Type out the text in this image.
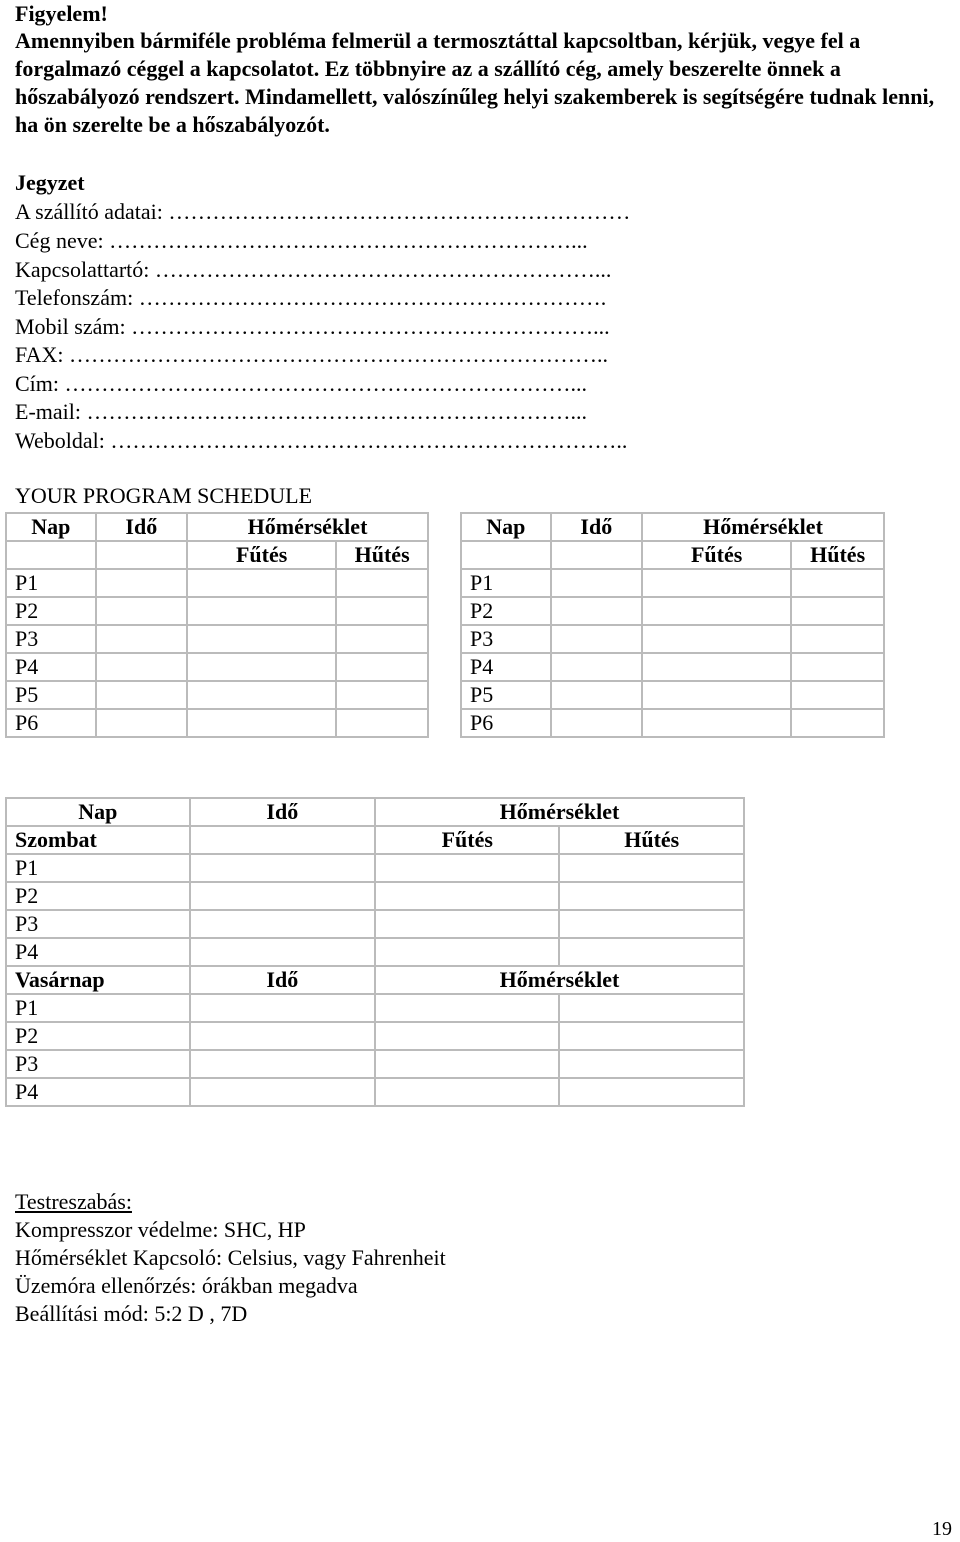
Figyelem!
Amennyiben bármiféle probléma felmerül a termosztáttal kapcsoltban, kérjük, vegye fel a forgalmazó céggel a kapcsolatot. Ez többnyire az a szállító cég, amely beszerelte önnek a hőszabályozó rendszert. Mindamellett, valószínűleg helyi szakemberek is segítségére tudnak lenni, ha ön szerelte be a hőszabályozót.
Jegyzet
A szállító adatai: ………………………………………………………
Cég neve: ………………………………………………………...
Kapcsolattartó: ……………………………………………………...
Telefonszám: ……………………………………………………….
Mobil szám: ………………………………………………………...
FAX: ………………………………………………………………..
Cím: ……………………………………………………………...
E-mail: …………………………………………………………...
Weboldal: ……………………………………………………………..
YOUR PROGRAM SCHEDULE
Nap	Idő	Hőmérséklet	
		Fűtés	Hűtés
P1			
P2			
P3			
P4			
P5			
P6			
Nap	Idő	Hőmérséklet	
		Fűtés	Hűtés
P1			
P2			
P3			
P4			
P5			
P6			
Nap	Idő	Hőmérséklet	
Szombat		Fűtés	Hűtés
P1			
P2			
P3			
P4			
Vasárnap	Idő	Hőmérséklet	
P1			
P2			
P3			
P4			
Testreszabás:
Kompresszor védelme: SHC, HP
Hőmérséklet Kapcsoló: Celsius, vagy Fahrenheit
Üzemóra ellenőrzés: órákban megadva
Beállítási mód: 5:2 D , 7D
19
